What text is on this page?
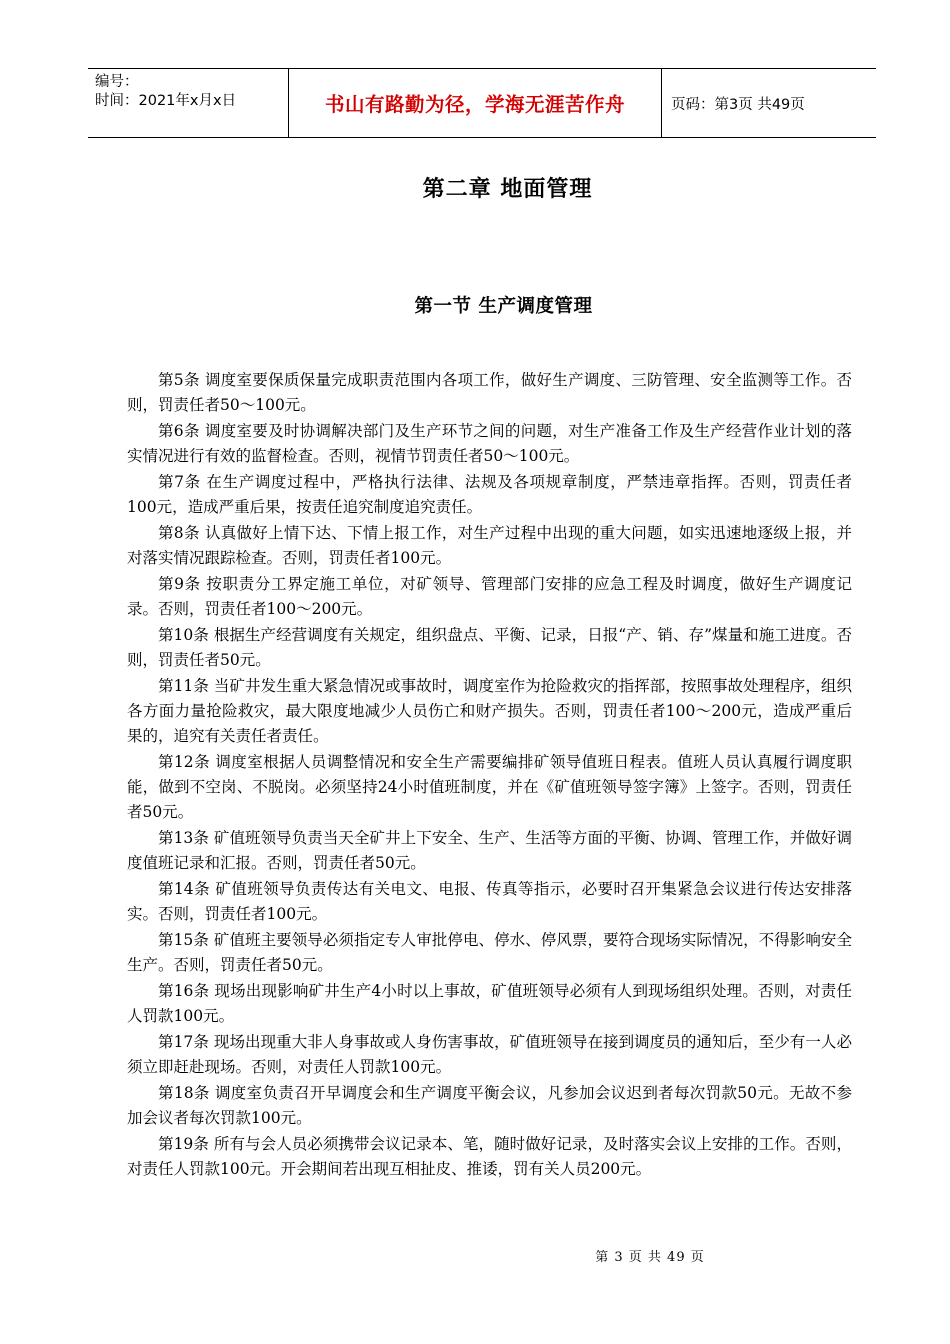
编号：
时间：2021年x月x日	书山有路勤为径，学海无涯苦作舟	页码：第3页 共49页
第二章 地面管理
第一节 生产调度管理

第5条 调度室要保质保量完成职责范围内各项工作，做好生产调度、三防管理、安全监测等工作。否则，罚责任者50～100元。

第6条 调度室要及时协调解决部门及生产环节之间的问题，对生产准备工作及生产经营作业计划的落实情况进行有效的监督检查。否则，视情节罚责任者50～100元。

第7条 在生产调度过程中，严格执行法律、法规及各项规章制度，严禁违章指挥。否则，罚责任者100元，造成严重后果，按责任追究制度追究责任。

第8条 认真做好上情下达、下情上报工作，对生产过程中出现的重大问题，如实迅速地逐级上报，并对落实情况跟踪检查。否则，罚责任者100元。

第9条 按职责分工界定施工单位，对矿领导、管理部门安排的应急工程及时调度，做好生产调度记录。否则，罚责任者100～200元。

第10条 根据生产经营调度有关规定，组织盘点、平衡、记录，日报“产、销、存”煤量和施工进度。否则，罚责任者50元。

第11条 当矿井发生重大紧急情况或事故时，调度室作为抢险救灾的指挥部，按照事故处理程序，组织各方面力量抢险救灾，最大限度地减少人员伤亡和财产损失。否则，罚责任者100～200元，造成严重后果的，追究有关责任者责任。

第12条 调度室根据人员调整情况和安全生产需要编排矿领导值班日程表。值班人员认真履行调度职能，做到不空岗、不脱岗。必须坚持24小时值班制度，并在《矿值班领导签字簿》上签字。否则，罚责任者50元。

第13条 矿值班领导负责当天全矿井上下安全、生产、生活等方面的平衡、协调、管理工作，并做好调度值班记录和汇报。否则，罚责任者50元。

第14条 矿值班领导负责传达有关电文、电报、传真等指示，必要时召开集紧急会议进行传达安排落实。否则，罚责任者100元。

第15条 矿值班主要领导必须指定专人审批停电、停水、停风票，要符合现场实际情况，不得影响安全生产。否则，罚责任者50元。

第16条 现场出现影响矿井生产4小时以上事故，矿值班领导必须有人到现场组织处理。否则，对责任人罚款100元。

第17条 现场出现重大非人身事故或人身伤害事故，矿值班领导在接到调度员的通知后，至少有一人必须立即赶赴现场。否则，对责任人罚款100元。

第18条 调度室负责召开早调度会和生产调度平衡会议，凡参加会议迟到者每次罚款50元。无故不参加会议者每次罚款100元。

第19条 所有与会人员必须携带会议记录本、笔，随时做好记录，及时落实会议上安排的工作。否则，对责任人罚款100元。开会期间若出现互相扯皮、推诿，罚有关人员200元。

第 3 页 共 49 页
